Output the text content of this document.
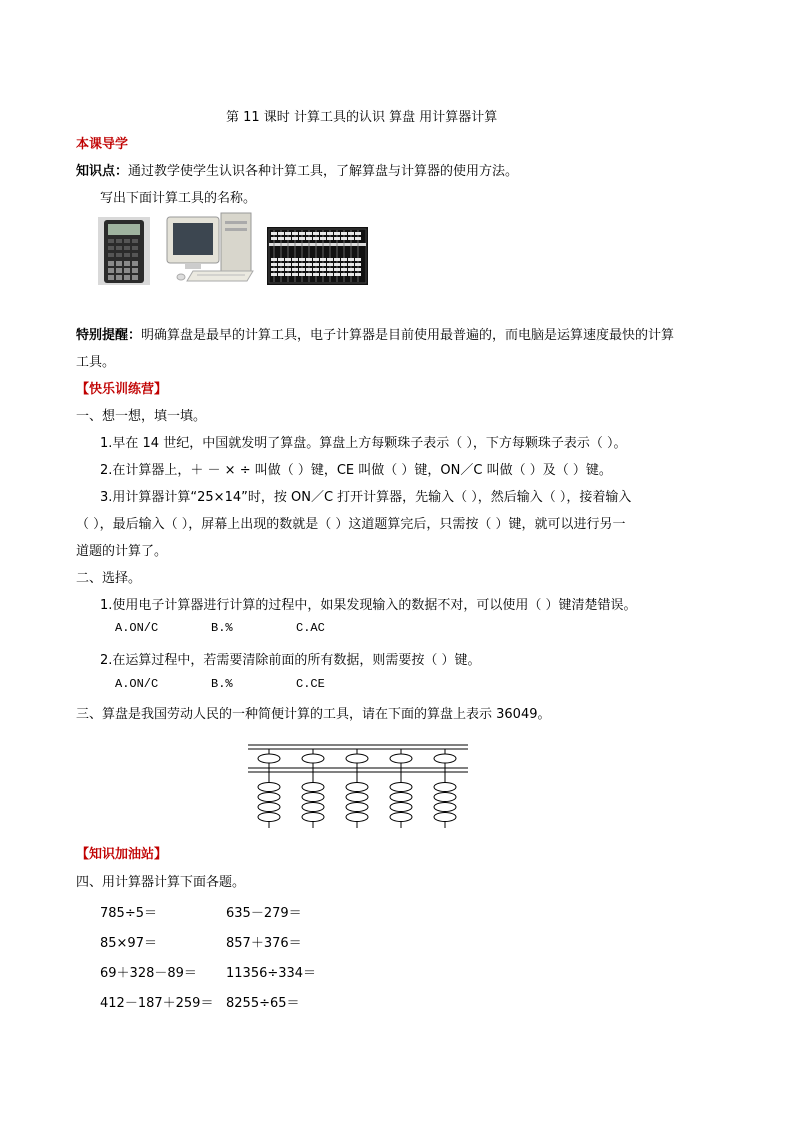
第 11 课时 计算工具的认识 算盘 用计算器计算
本课导学
知识点：通过教学使学生认识各种计算工具，了解算盘与计算器的使用方法。
写出下面计算工具的名称。
特别提醒：明确算盘是最早的计算工具，电子计算器是目前使用最普遍的，而电脑是运算速度最快的计算
工具。
【快乐训练营】
一、想一想，填一填。
1.早在 14 世纪，中国就发明了算盘。算盘上方每颗珠子表示（ ），下方每颗珠子表示（ ）。
2.在计算器上，＋ － × ÷ 叫做（ ）键，CE 叫做（ ）键，ON／C 叫做（ ）及（ ）键。
3.用计算器计算“25×14”时，按 ON／C 打开计算器，先输入（ ），然后输入（ ），接着输入
（ ），最后输入（ ），屏幕上出现的数就是（ ）这道题算完后，只需按（ ）键，就可以进行另一
道题的计算了。
二、选择。
1.使用电子计算器进行计算的过程中，如果发现输入的数据不对，可以使用（ ）键清楚错误。
A.ON/C	B.%	C.AC
2.在运算过程中，若需要清除前面的所有数据，则需要按（ ）键。
A.ON/C	B.%	C.CE
三、算盘是我国劳动人民的一种简便计算的工具，请在下面的算盘上表示 36049。
【知识加油站】
四、用计算器计算下面各题。
785÷5＝	635－279＝
85×97＝	857＋376＝
69＋328－89＝ 11356÷334＝
412－187＋259＝ 8255÷65＝
